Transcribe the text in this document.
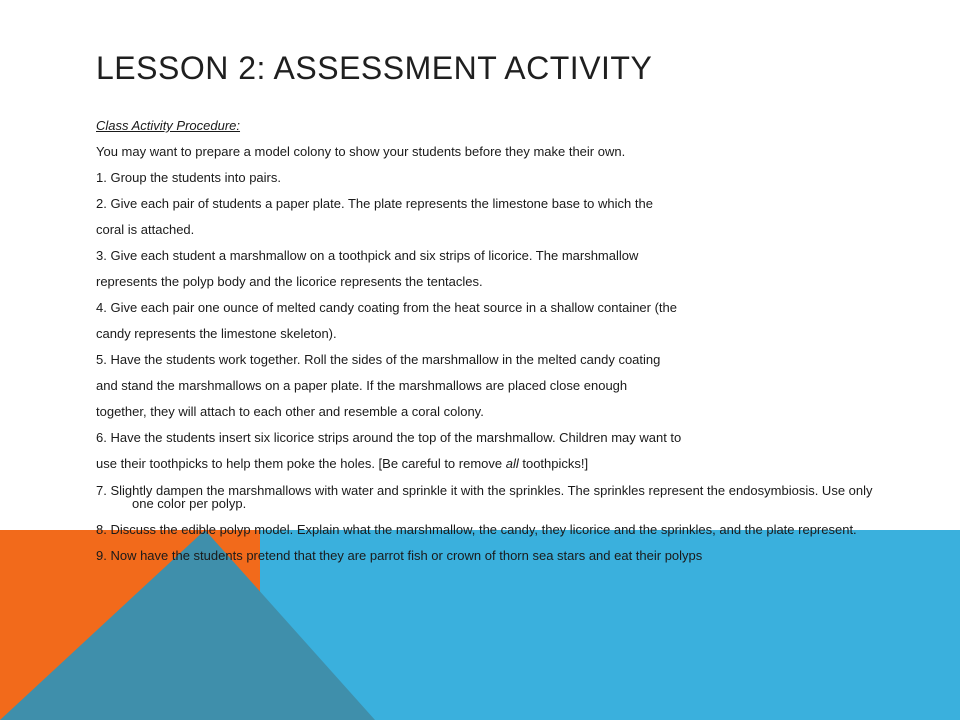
LESSON 2: ASSESSMENT ACTIVITY

Class Activity Procedure:

You may want to prepare a model colony to show your students before they make their own.

1. Group the students into pairs.

2. Give each pair of students a paper plate. The plate represents the limestone base to which the

coral is attached.

3. Give each student a marshmallow on a toothpick and six strips of licorice. The marshmallow

represents the polyp body and the licorice represents the tentacles.

4. Give each pair one ounce of melted candy coating from the heat source in a shallow container (the

candy represents the limestone skeleton).

5. Have the students work together. Roll the sides of the marshmallow in the melted candy coating

and stand the marshmallows on a paper plate. If the marshmallows are placed close enough

together, they will attach to each other and resemble a coral colony.

6. Have the students insert six licorice strips around the top of the marshmallow. Children may want to

use their toothpicks to help them poke the holes. [Be careful to remove all toothpicks!]

7. Slightly dampen the marshmallows with water and sprinkle it with the sprinkles. The sprinkles represent the endosymbiosis. Use only one color per polyp.

8. Discuss the edible polyp model. Explain what the marshmallow, the candy, they licorice and the sprinkles, and the plate represent.

9. Now have the students pretend that they are parrot fish or crown of thorn sea stars and eat their polyps
